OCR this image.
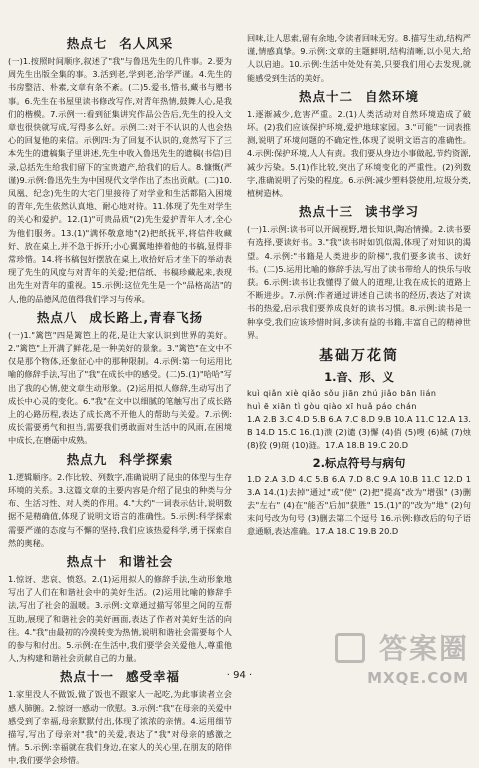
热点七 名人风采

(一)1.按照时间顺序,叙述了"我"与鲁迅先生的几件事。2.要为周先生出版全集的事。3.活到老,学到老,治学严谨。4.先生的书房整洁、朴素,文章有条不紊。(二)5.爱书,惜书,藏书与赠书事。6.先生在书屋里读书修改写作,对青年热情,鼓舞人心,是我们的楷模。7.示例一:看到征集讲究作品公告后,先生的投入文章也很快就写成,写得多么好。示例二:对于不认识的人也会热心的回复他的来信。示例四:为了回复不认识的,竟然写下了三本先生的遗稿集子里讲述,先生中收入鲁迅先生的遗稿(书信)目录,总括先生给我们留下的宝贵遗产,给我们的后人。8.慷慨(严谨)9.示例:鲁迅先生为中国现代文学作出了杰出贡献。(二)10.凤凰、纪念)先生的大宅门里接待了对学业和生活都陷入困境的青年,先生依然认真地、耐心地对待。11.体现了先生对学生的关心和爱护。12.(1)"可贵品质"(2)先生爱护青年人才,全心为他们服务。13.(1)"满怀敬意地"(2)把纸抚平,将信件收藏好、放在桌上,并不急于拆开;小心翼翼地捧着他的书稿,显得非常珍惜。14.将书稿包好摆放在桌上,收拾好后才坐下的举动表现了先生的风度与对青年的关爱;把信纸、书稿珍藏起来,表现出先生对青年的重视。15.示例:这位先生是一个"品格高洁"的人,他的品德风范值得我们学习与传承。

热点八 成长路上,青春飞扬

(一)1."篱笆"四是篱笆上的花,是让大家认识到世界的美好。2."篱笆"上开满了鲜花,是一种美好的景象。3."篱笆"在文中不仅是那个物体,还象征心中的那种限制。4.示例:第一句运用比喻的修辞手法,写出了"我"在成长中的感受。(二)5.(1)"哈哈"写出了我的心情,使文章生动形象。(2)运用拟人修辞,生动写出了成长中心灵的变化。6."我"在文中以细腻的笔触写出了成长路上的心路历程,表达了成长离不开他人的帮助与关爱。7.示例:成长需要勇气和担当,需要我们勇敢面对生活中的风雨,在困境中成长,在磨砺中成熟。

热点九 科学探索

1.逻辑顺序。2.作比较、列数字,准确说明了昆虫的体型与生存环境的关系。3.这篇文章的主要内容是介绍了昆虫的种类与分布、生活习性、对人类的作用。4."大约"一词表示估计,说明数据不是精确值,体现了说明文语言的准确性。5.示例:科学探索需要严谨的态度与不懈的坚持,我们应该热爱科学,勇于探索自然的奥秘。

热点十 和谐社会

1.惊讶、悲哀、愤怒。2.(1)运用拟人的修辞手法,生动形象地写出了人们在和谐社会中的美好生活。(2)运用比喻的修辞手法,写出了社会的温暖。3.示例:文章通过描写邻里之间的互帮互助,展现了和谐社会的美好画面,表达了作者对美好生活的向往。4."我"由最初的冷漠转变为热情,说明和谐社会需要每个人的参与和付出。5.示例:在生活中,我们要学会关爱他人,尊重他人,为构建和谐社会贡献自己的力量。

热点十一 感受幸福

1.家里没人不做饭,做了饭也不跟家人一起吃,为此事读者立会感人肺腑。2.惊讶一感动一欣慰。3.示例:"我"在母亲的关爱中感受到了幸福,母亲默默付出,体现了浓浓的亲情。4.运用细节描写,写出了母亲对"我"的关爱,表达了"我"对母亲的感激之情。5.示例:幸福就在我们身边,在家人的关心里,在朋友的陪伴中,我们要学会珍惜。

回味,让人思索,留有余地,令读者回味无穷。8.描写生动,结构严谨,情感真挚。9.示例:文章的主题鲜明,结构清晰,以小见大,给人以启迪。10.示例:生活中处处有美,只要我们用心去发现,就能感受到生活的美好。

热点十二 自然环境

1.逐渐减少,危害严重。2.(1)人类活动对自然环境造成了破坏。(2)我们应该保护环境,爱护地球家园。3."可能"一词表推测,说明了环境问题的不确定性,体现了说明文语言的准确性。4.示例:保护环境,人人有责。我们要从身边小事做起,节约资源,减少污染。5.(1)作比较,突出了环境变化的严重性。(2)列数字,准确说明了污染的程度。6.示例:减少塑料袋使用,垃圾分类,植树造林。

热点十三 读书学习

(一)1.示例:读书可以开阔视野,增长知识,陶冶情操。2.读书要有选择,要读好书。3."我"读书时如饥似渴,体现了对知识的渴望。4.示例:"书籍是人类进步的阶梯",我们要多读书、读好书。(二)5.运用比喻的修辞手法,写出了读书带给人的快乐与收获。6.示例:读书让我懂得了做人的道理,让我在成长的道路上不断进步。7.示例:作者通过讲述自己读书的经历,表达了对读书的热爱,启示我们要养成良好的读书习惯。8.示例:读书是一种享受,我们应该珍惜时间,多读有益的书籍,丰富自己的精神世界。

基础万花筒
1.音、形、义

kuì qiǎn xiè qiǎo sǒu jiān zhú jiǎo bān lián

huì ē xiān tì gòu qiào xī huǎ páo chán

1.A 2.B 3.C 4.D 5.B 6.A 7.C 8.D 9.B 10.A 11.C 12.A 13.B 14.D 15.C 16.(1)溃 (2)谴 (3)懈 (4)俏 (5)嗖 (6)缄 (7)烛 (8)狡 (9)斑 (10)涟。17.A 18.B 19.C 20.D

2.标点符号与病句

1.D 2.A 3.D 4.C 5.B 6.A 7.D 8.C 9.A 10.B 11.C 12.D 13.A 14.(1)去掉"通过"或"使" (2)把"提高"改为"增强" (3)删去"左右" (4)在"能否"后加"获胜" 15.(1)"的"改为"地" (2)句末问号改为句号 (3)删去第二个逗号 16.示例:修改后的句子语意通顺,表达准确。17.A 18.C 19.B 20.D

· 94 ·
答案圈
MXQE.COM
